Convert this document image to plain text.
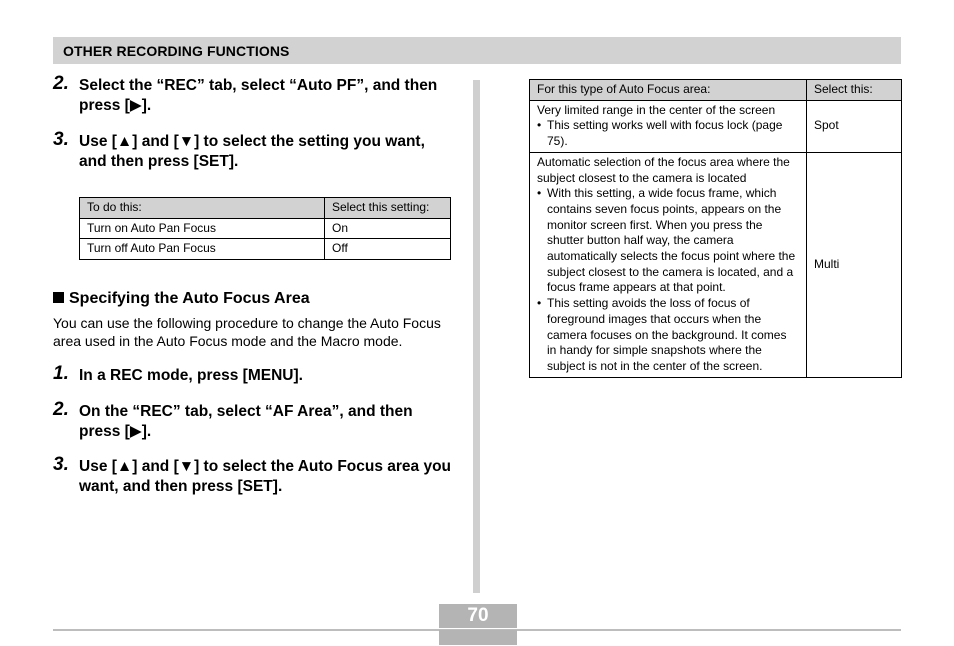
OTHER RECORDING FUNCTIONS
2. Select the “REC” tab, select “Auto PF”, and then press [▶].
3. Use [▲] and [▼] to select the setting you want, and then press [SET].
To do this:	Select this setting:
Turn on Auto Pan Focus	On
Turn off Auto Pan Focus	Off
Specifying the Auto Focus Area
You can use the following procedure to change the Auto Focus area used in the Auto Focus mode and the Macro mode.
1. In a REC mode, press [MENU].
2. On the “REC” tab, select “AF Area”, and then press [▶].
3. Use [▲] and [▼] to select the Auto Focus area you want, and then press [SET].
For this type of Auto Focus area:	Select this:

Very limited range in the center of the screen
• This setting works well with focus lock (page 75).	Spot

Automatic selection of the focus area where the subject closest to the camera is located
• With this setting, a wide focus frame, which contains seven focus points, appears on the monitor screen first. When you press the shutter button half way, the camera automatically selects the focus point where the subject closest to the camera is located, and a focus frame appears at that point.
• This setting avoids the loss of focus of foreground images that occurs when the camera focuses on the background. It comes in handy for simple snapshots where the subject is not in the center of the screen.	Multi
70
